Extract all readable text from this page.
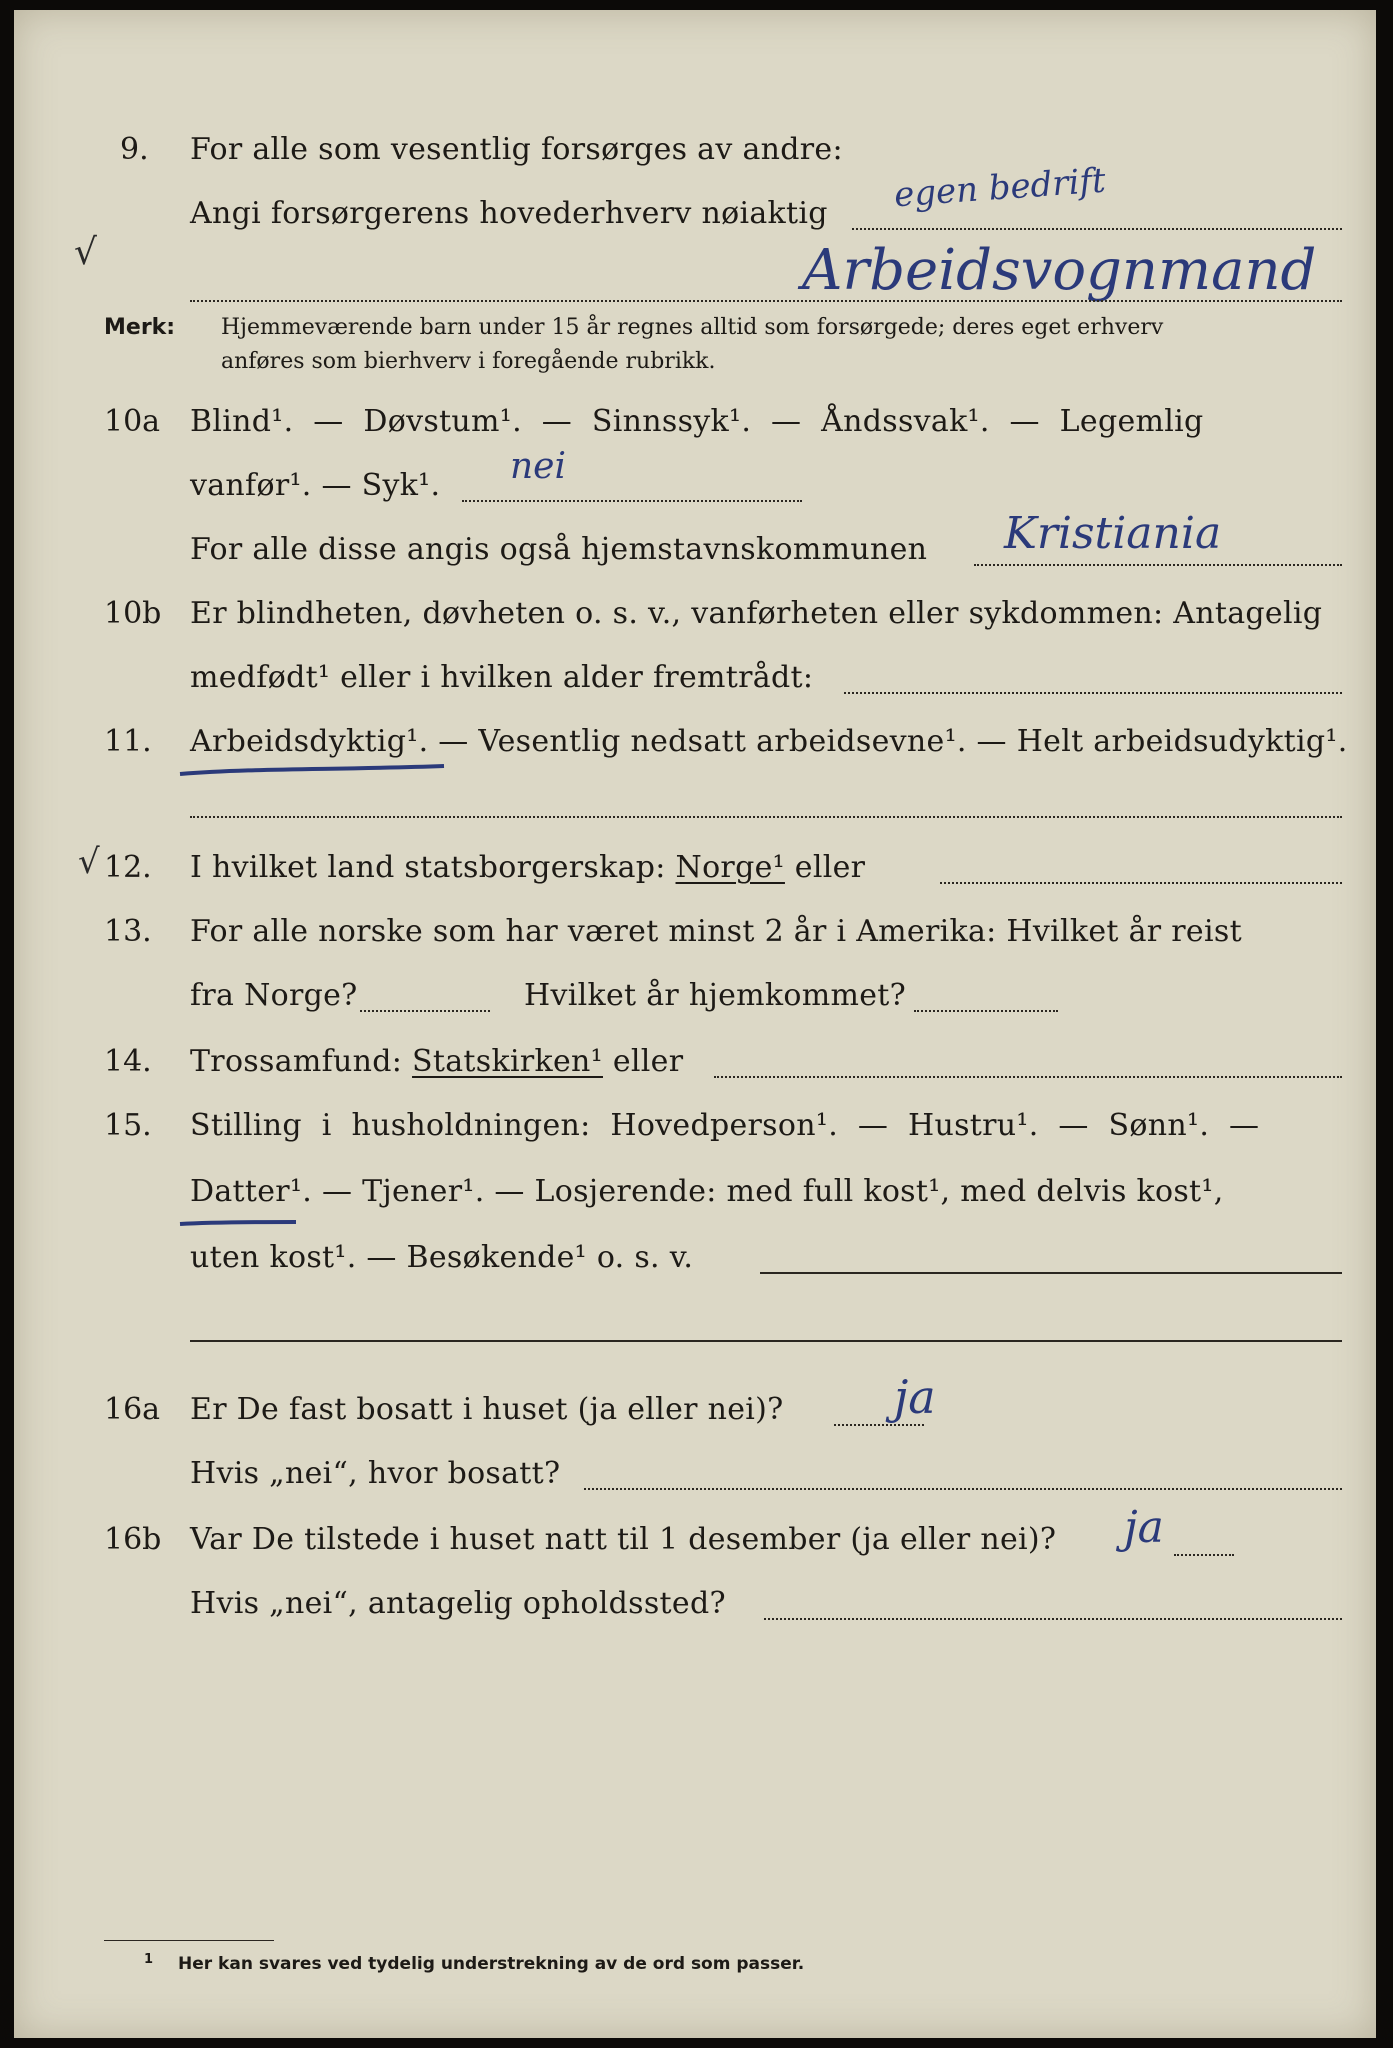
9. For alle som vesentlig forsørges av andre:
Angi forsørgerens hovederhverv nøiaktig egen bedrift
Arbeidsvognmand
√
Merk: Hjemmeværende barn under 15 år regnes alltid som forsørgede; deres eget erhverv
anføres som bierhverv i foregående rubrikk.
10a Blind¹. — Døvstum¹. — Sinnssyk¹. — Åndssvak¹. — Legemlig
vanfør¹. — Syk¹. nei
For alle disse angis også hjemstavnskommunen Kristiania
10b Er blindheten, døvheten o. s. v., vanførheten eller sykdommen: Antagelig
medfødt¹ eller i hvilken alder fremtrådt:
11. Arbeidsdyktig¹. — Vesentlig nedsatt arbeidsevne¹. — Helt arbeidsudyktig¹.
√ 12. I hvilket land statsborgerskap: Norge¹ eller
13. For alle norske som har været minst 2 år i Amerika: Hvilket år reist
fra Norge?	Hvilket år hjemkommet?
14. Trossamfund: Statskirken¹ eller
15. Stilling i husholdningen: Hovedperson¹. — Hustru¹. — Sønn¹. —
Datter¹. — Tjener¹. — Losjerende: med full kost¹, med delvis kost¹,
uten kost¹. — Besøkende¹ o. s. v.
16a Er De fast bosatt i huset (ja eller nei)? ja
Hvis „nei“, hvor bosatt?
16b Var De tilstede i huset natt til 1 desember (ja eller nei)? ja
Hvis „nei“, antagelig opholdssted?
1 Her kan svares ved tydelig understrekning av de ord som passer.
